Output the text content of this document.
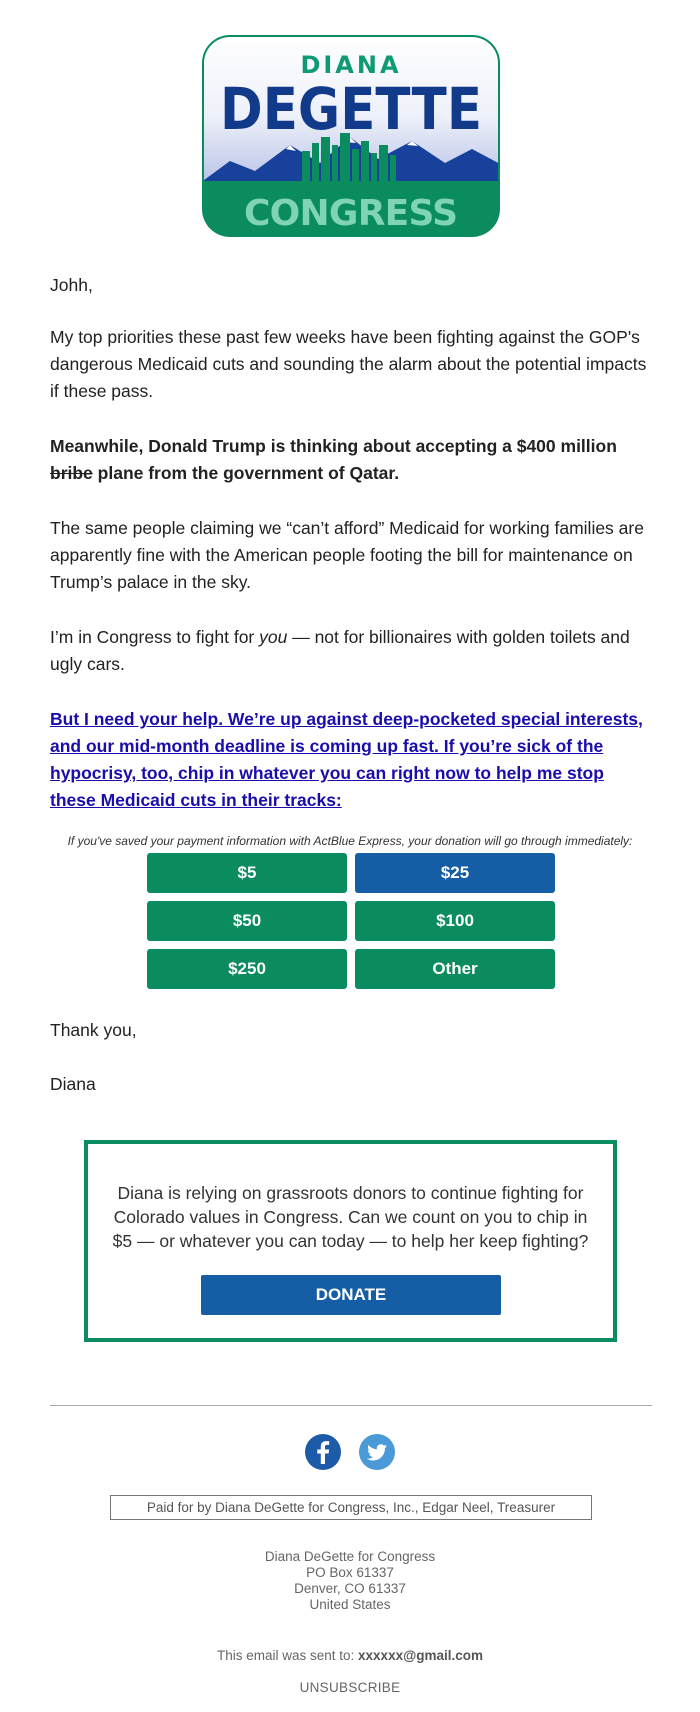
DIANA
DEGETTE
CONGRESS
Johh,
My top priorities these past few weeks have been fighting against the GOP's dangerous Medicaid cuts and sounding the alarm about the potential impacts if these pass.
Meanwhile, Donald Trump is thinking about accepting a $400 million bribe plane from the government of Qatar.
The same people claiming we “can’t afford” Medicaid for working families are apparently fine with the American people footing the bill for maintenance on Trump’s palace in the sky.
I’m in Congress to fight for you — not for billionaires with golden toilets and ugly cars.
But I need your help. We’re up against deep-pocketed special interests, and our mid-month deadline is coming up fast. If you’re sick of the hypocrisy, too, chip in whatever you can right now to help me stop these Medicaid cuts in their tracks:
If you've saved your payment information with ActBlue Express, your donation will go through immediately:
$5	$25
$50	$100
$250	Other
Thank you,
Diana
Diana is relying on grassroots donors to continue fighting for Colorado values in Congress. Can we count on you to chip in $5 — or whatever you can today — to help her keep fighting?
DONATE
Paid for by Diana DeGette for Congress, Inc., Edgar Neel, Treasurer
Diana DeGette for Congress
PO Box 61337
Denver, CO 61337
United States
This email was sent to: xxxxxx@gmail.com
UNSUBSCRIBE
